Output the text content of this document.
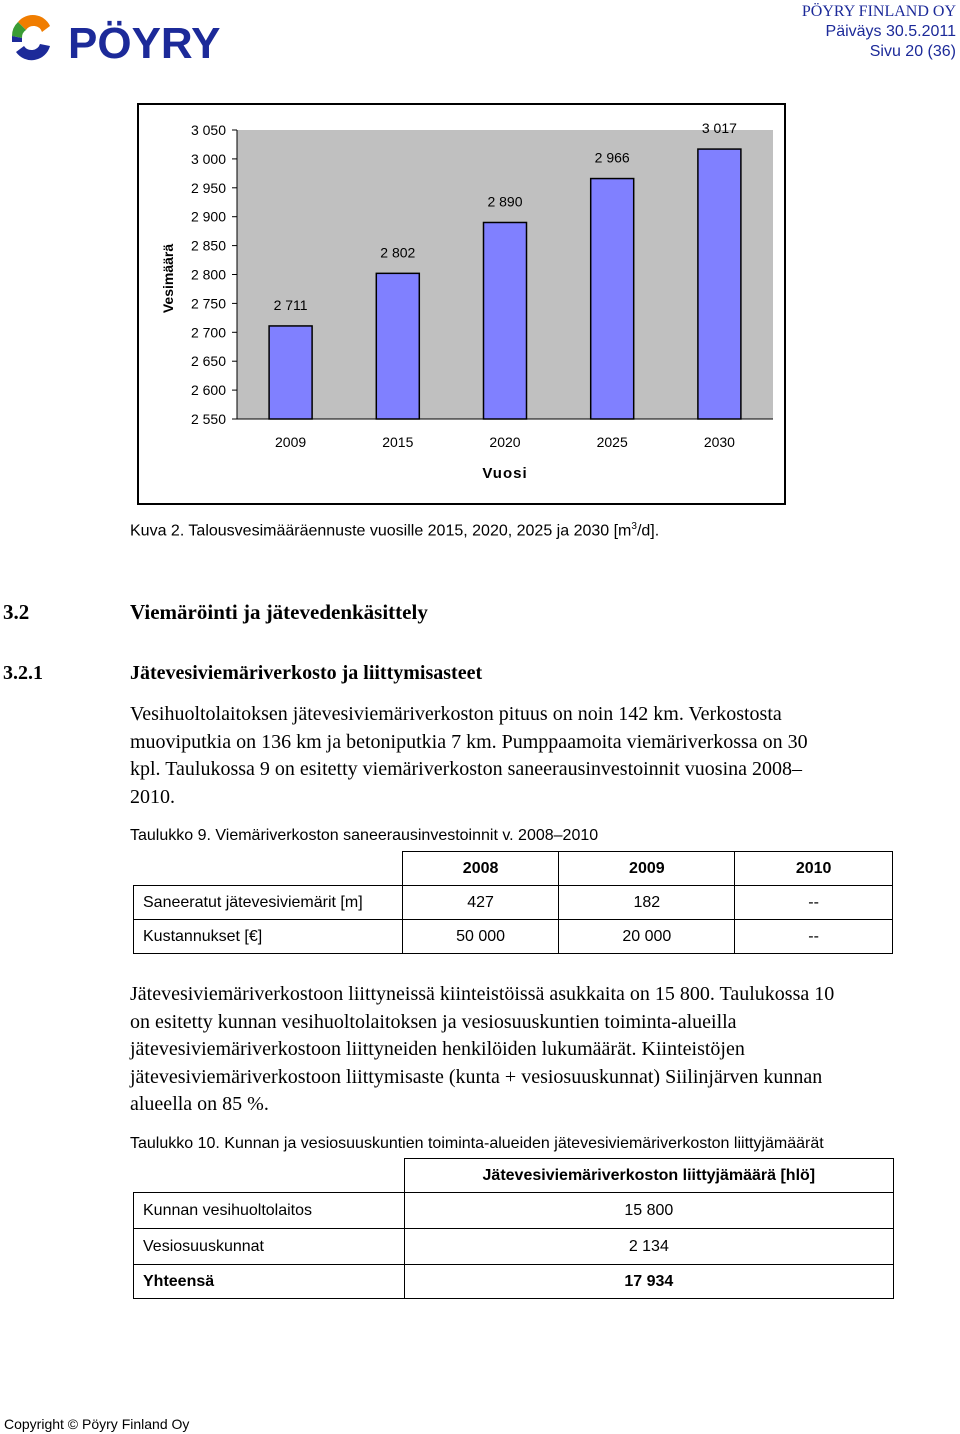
PÖYRY
PÖYRY FINLAND OY
Päiväys 30.5.2011
Sivu 20 (36)
2 550
2 600
2 650
2 700
2 750
2 800
2 850
2 900
2 950
3 000
3 050
2 711
2 802
2 890
2 966
3 017
2009	2015	2020	2025	2030
Vesimäärä
Vuosi
Kuva 2. Talousvesimääräennuste vuosille 2015, 2020, 2025 ja 2030 $[m^3/d]$.
3.2	Viemäröinti ja jätevedenkäsittely
3.2.1	Jätevesiviemäriverkosto ja liittymisasteet
Vesihuoltolaitoksen jätevesiviemäriverkoston pituus on noin 142 km. Verkostosta
muoviputkia on 136 km ja betoniputkia 7 km. Pumppaamoita viemäriverkossa on 30
kpl. Taulukossa 9 on esitetty viemäriverkoston saneerausinvestoinnit vuosina 2008–
2010.
Taulukko 9. Viemäriverkoston saneerausinvestoinnit v. 2008–2010
	2008	2009	2010
Saneeratut jätevesiviemärit [m]	427	182	--
Kustannukset [€]	50 000	20 000	--
Jätevesiviemäriverkostoon liittyneissä kiinteistöissä asukkaita on 15 800. Taulukossa 10
on esitetty kunnan vesihuoltolaitoksen ja vesiosuuskuntien toiminta-alueilla
jätevesiviemäriverkostoon liittyneiden henkilöiden lukumäärät. Kiinteistöjen
jätevesiviemäriverkostoon liittymisaste (kunta + vesiosuuskunnat) Siilinjärven kunnan
alueella on 85 %.
Taulukko 10. Kunnan ja vesiosuuskuntien toiminta-alueiden jätevesiviemäriverkoston liittyjämäärät
	Jätevesiviemäriverkoston liittyjämäärä [hlö]
Kunnan vesihuoltolaitos	15 800
Vesiosuuskunnat	2 134
Yhteensä	17 934
Copyright © Pöyry Finland Oy
